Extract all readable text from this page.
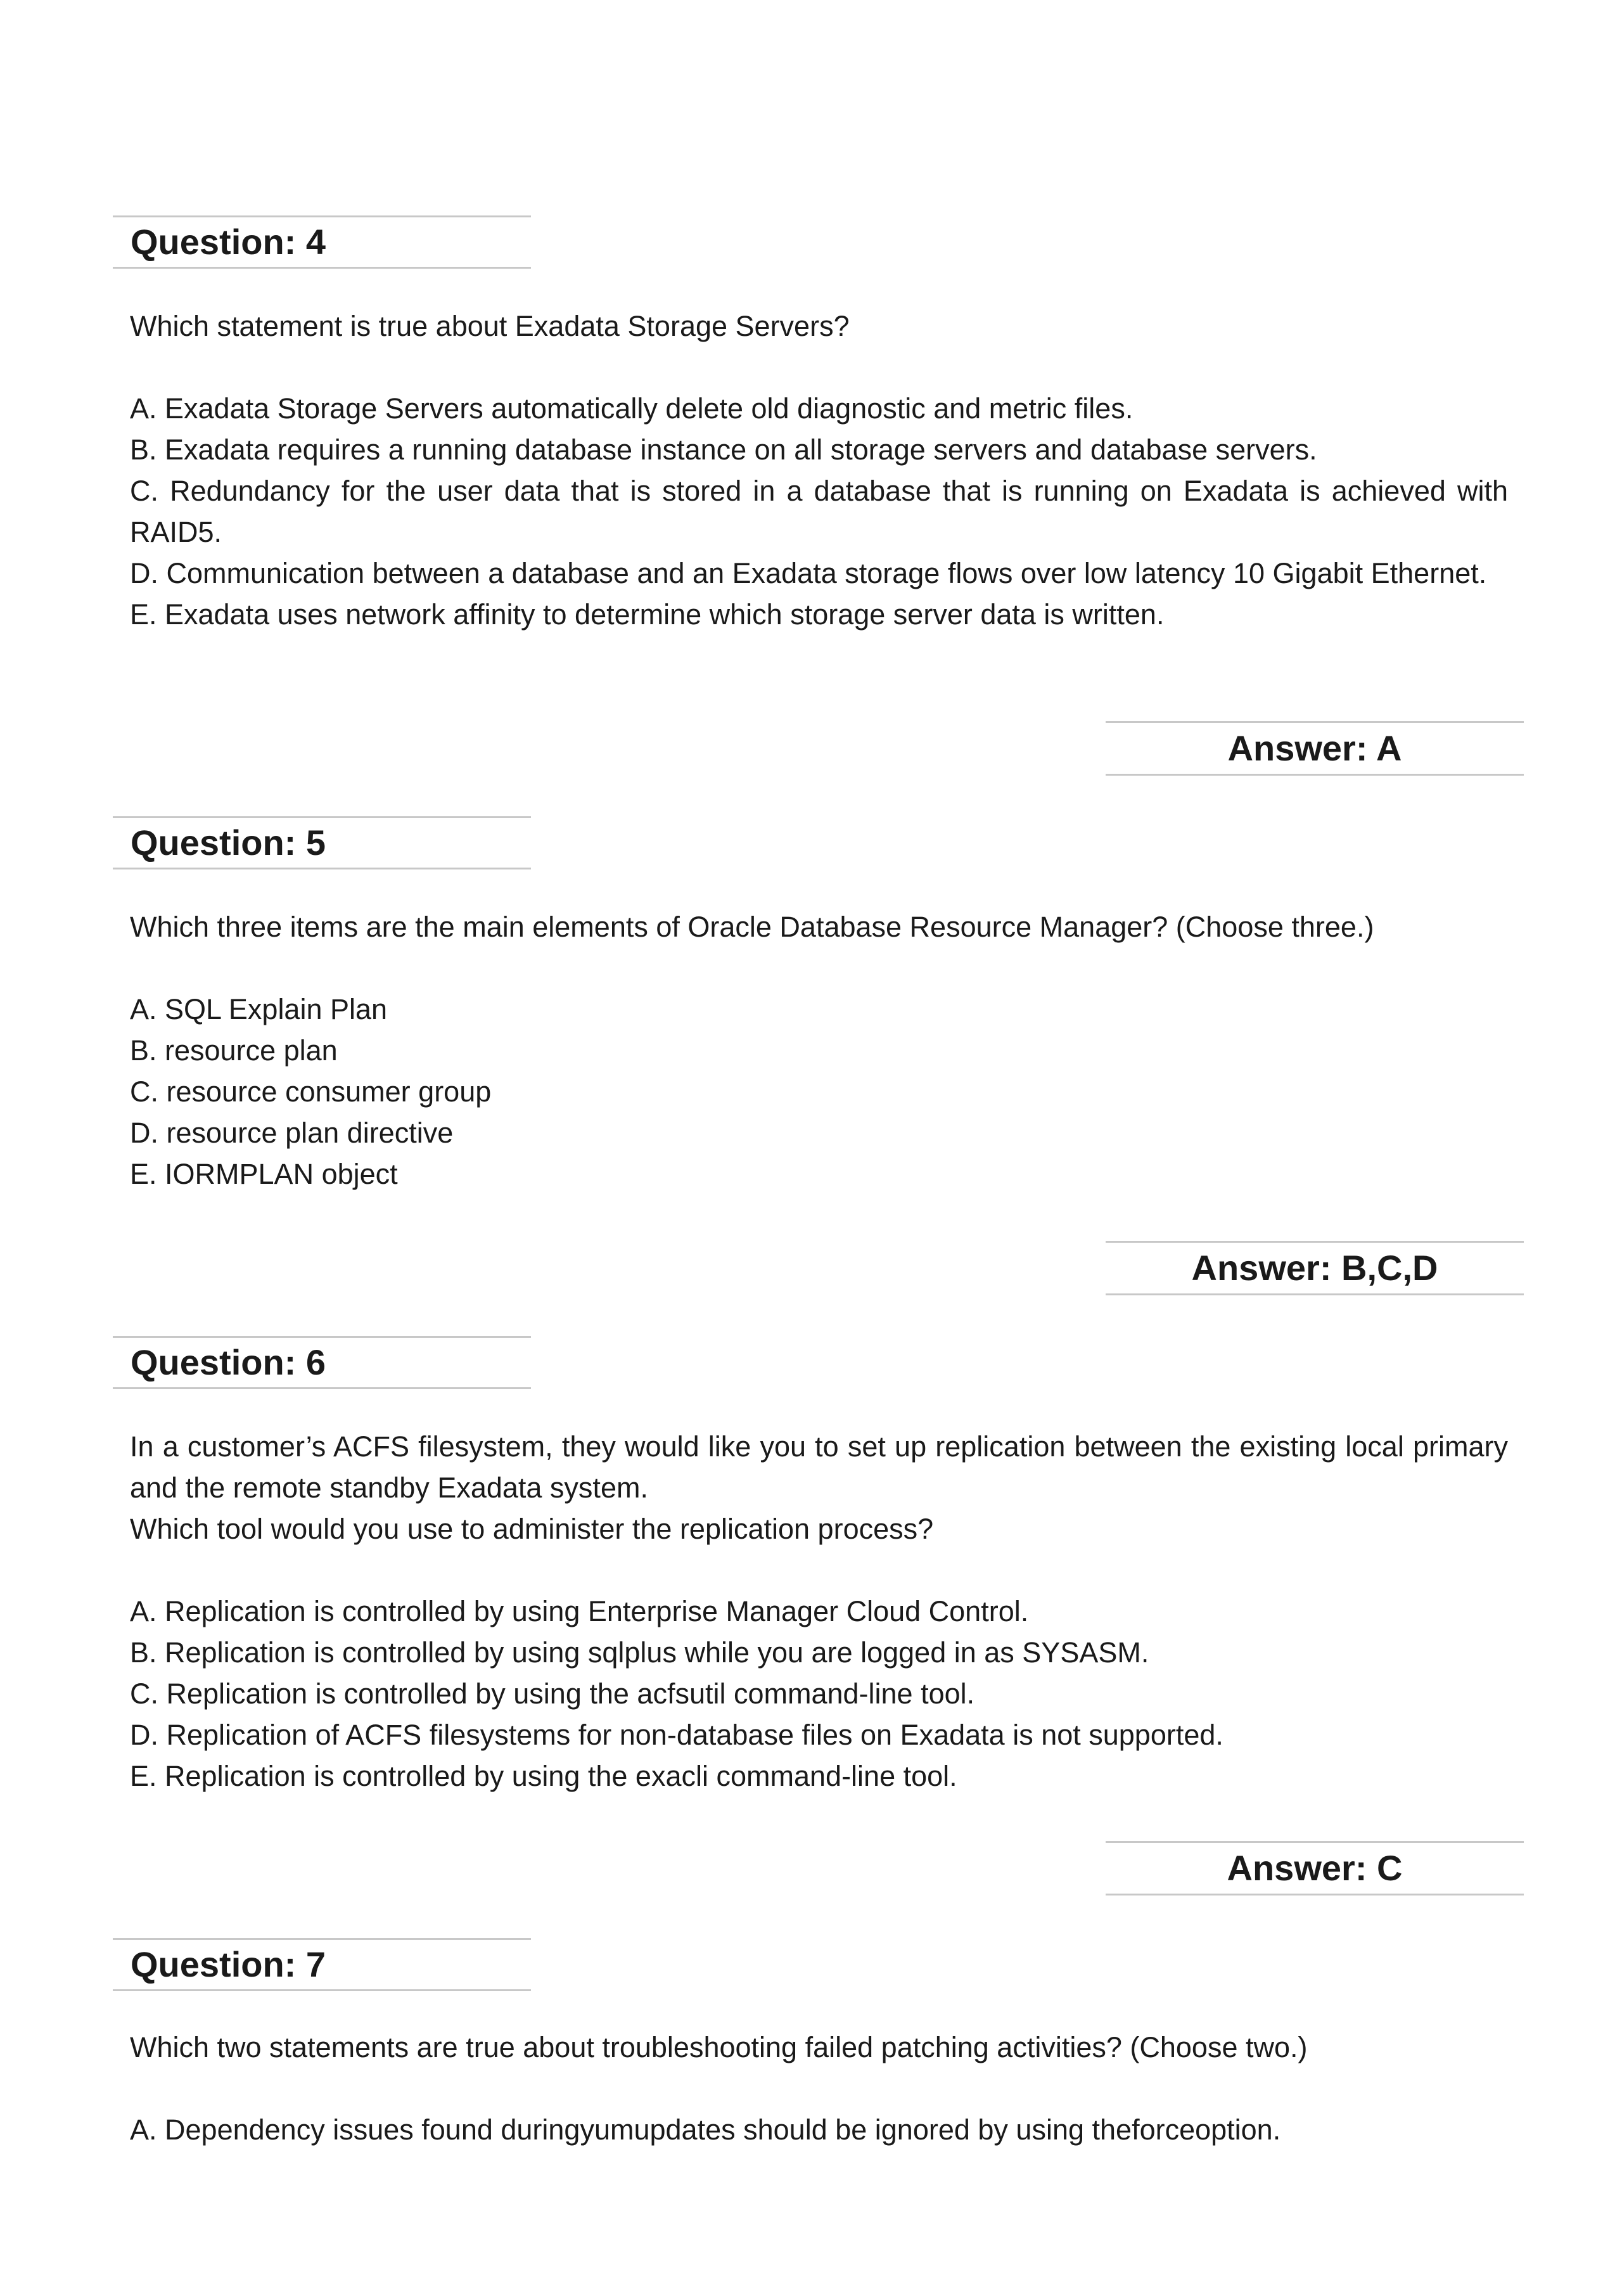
Question: 4

Which statement is true about Exadata Storage Servers?

A. Exadata Storage Servers automatically delete old diagnostic and metric files.

B. Exadata requires a running database instance on all storage servers and database servers.

C. Redundancy for the user data that is stored in a database that is running on Exadata is achieved with RAID5.

D. Communication between a database and an Exadata storage flows over low latency 10 Gigabit Ethernet.

E. Exadata uses network affinity to determine which storage server data is written.

Answer: A
Question: 5

Which three items are the main elements of Oracle Database Resource Manager? (Choose three.)

A. SQL Explain Plan

B. resource plan

C. resource consumer group

D. resource plan directive

E. IORMPLAN object

Answer: B,C,D
Question: 6

In a customer’s ACFS filesystem, they would like you to set up replication between the existing local primary and the remote standby Exadata system.

Which tool would you use to administer the replication process?

A. Replication is controlled by using Enterprise Manager Cloud Control.

B. Replication is controlled by using sqlplus while you are logged in as SYSASM.

C. Replication is controlled by using the acfsutil command-line tool.

D. Replication of ACFS filesystems for non-database files on Exadata is not supported.

E. Replication is controlled by using the exacli command-line tool.

Answer: C
Question: 7

Which two statements are true about troubleshooting failed patching activities? (Choose two.)

A. Dependency issues found duringyumupdates should be ignored by using theforceoption.
